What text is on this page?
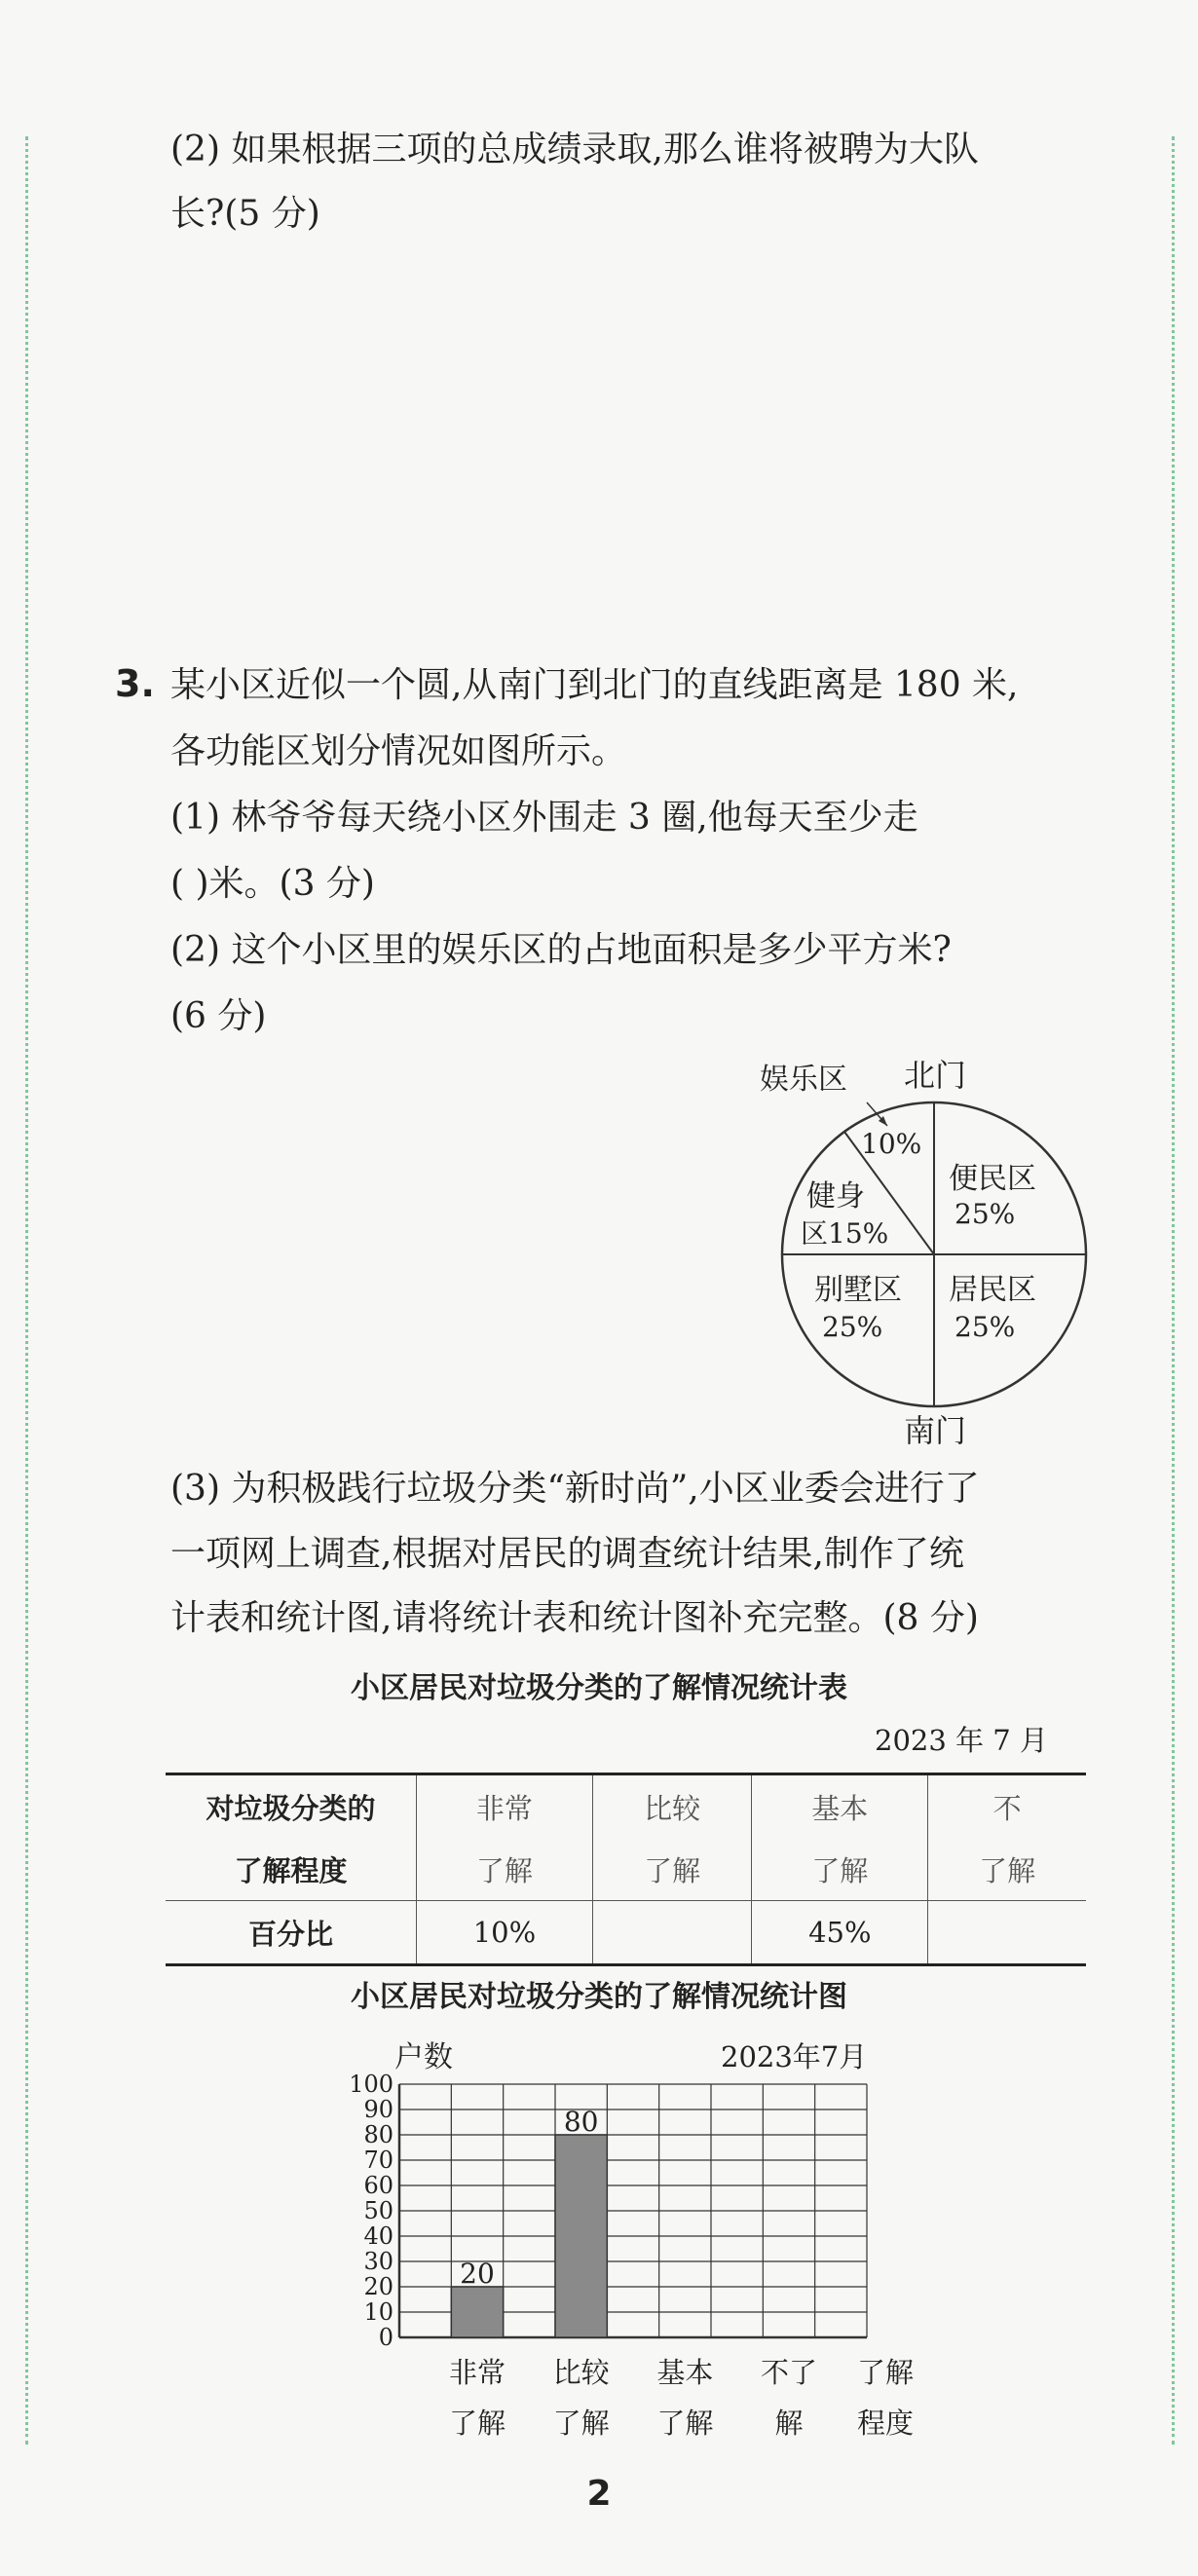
(2) 如果根据三项的总成绩录取,那么谁将被聘为大队
长?(5 分)
3. 某小区近似一个圆,从南门到北门的直线距离是 180 米,
各功能区划分情况如图所示。
(1) 林爷爷每天绕小区外围走 3 圈,他每天至少走
( )米。(3 分)
(2) 这个小区里的娱乐区的占地面积是多少平方米?
(6 分)
娱乐区 北门
10%
健身
区15%
便民区
25%
别墅区
25%
居民区
25%
南门
(3) 为积极践行垃圾分类“新时尚”,小区业委会进行了
一项网上调查,根据对居民的调查统计结果,制作了统
计表和统计图,请将统计表和统计图补充完整。(8 分)
小区居民对垃圾分类的了解情况统计表
2023 年 7 月
对垃圾分类的	非常	比较	基本	不
了解程度	了解	了解	了解	了解
百分比	10%		45%	
小区居民对垃圾分类的了解情况统计图
0
10
20
30
40
50
60
70
80
90
100
20
非常
了解
80
比较
了解
基本
了解
不了
解
户数	2023年7月
了解
程度
2
